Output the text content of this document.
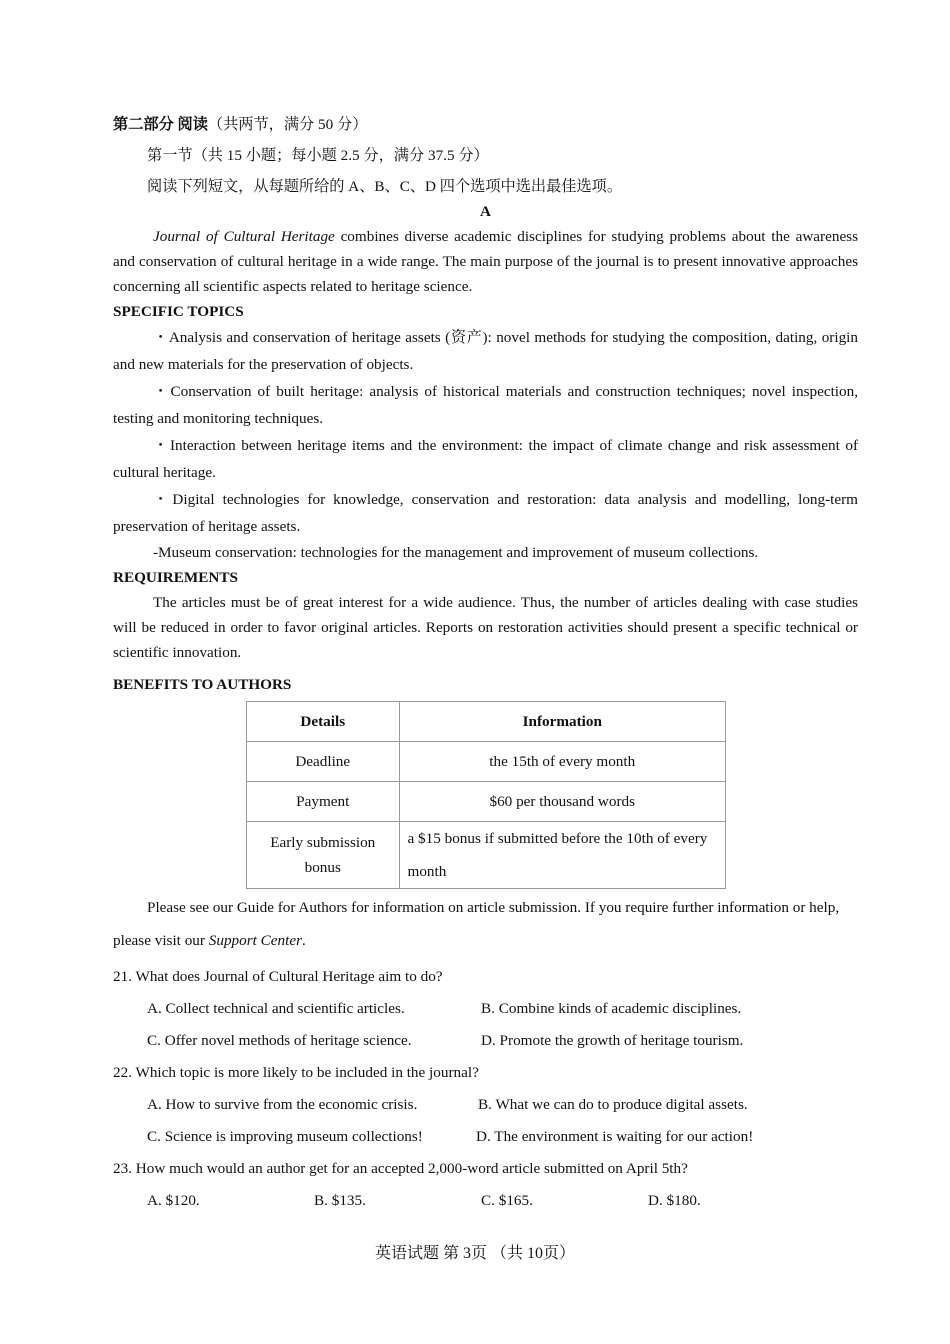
第二部分 阅读（共两节，满分 50 分）

第一节（共 15 小题；每小题 2.5 分，满分 37.5 分）

阅读下列短文，从每题所给的 A、B、C、D 四个选项中选出最佳选项。

A

Journal of Cultural Heritage combines diverse academic disciplines for studying problems about the awareness and conservation of cultural heritage in a wide range. The main purpose of the journal is to present innovative approaches concerning all scientific aspects related to heritage science.

SPECIFIC TOPICS

・Analysis and conservation of heritage assets (资产): novel methods for studying the composition, dating, origin and new materials for the preservation of objects.

・Conservation of built heritage: analysis of historical materials and construction techniques; novel inspection, testing and monitoring techniques.

・Interaction between heritage items and the environment: the impact of climate change and risk assessment of cultural heritage.

・Digital technologies for knowledge, conservation and restoration: data analysis and modelling, long-term preservation of heritage assets.

-Museum conservation: technologies for the management and improvement of museum collections.

REQUIREMENTS

The articles must be of great interest for a wide audience. Thus, the number of articles dealing with case studies will be reduced in order to favor original articles. Reports on restoration activities should present a specific technical or scientific innovation.

BENEFITS TO AUTHORS

Details	Information
Deadline	the 15th of every month
Payment	$60 per thousand words
Early submission bonus	a $15 bonus if submitted before the 10th of every month

Please see our Guide for Authors for information on article submission. If you require further information or help, please visit our Support Center.

21. What does Journal of Cultural Heritage aim to do?

A. Collect technical and scientific articles.	B. Combine kinds of academic disciplines.
C. Offer novel methods of heritage science.	D. Promote the growth of heritage tourism.

22. Which topic is more likely to be included in the journal?

A. How to survive from the economic crisis.	B. What we can do to produce digital assets.
C. Science is improving museum collections!	D. The environment is waiting for our action!

23. How much would an author get for an accepted 2,000-word article submitted on April 5th?

A. $120.	B. $135.	C. $165.	D. $180.
英语试题 第 3页 （共 10页）
